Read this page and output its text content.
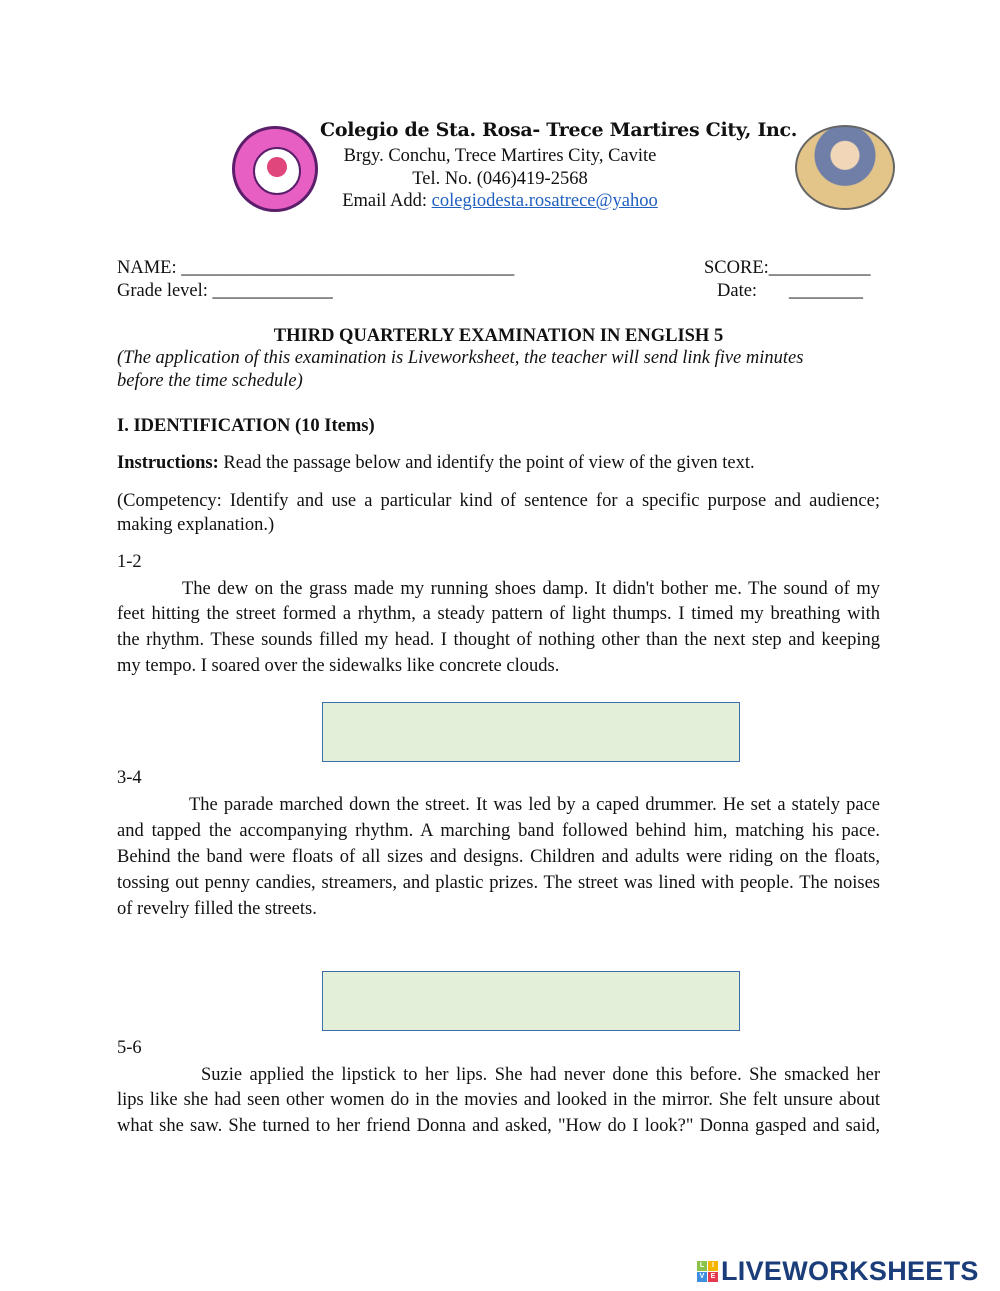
Colegio de Sta. Rosa- Trece Martires City, Inc.
Brgy. Conchu, Trece Martires City, Cavite
Tel. No. (046)419-2568
Email Add: colegiodesta.rosatrece@yahoo
NAME: ____________________________________	SCORE:___________
Grade level: _____________	Date: ________
THIRD QUARTERLY EXAMINATION IN ENGLISH 5
(The application of this examination is Liveworksheet, the teacher will send link five minutes
before the time schedule)
I. IDENTIFICATION (10 Items)
Instructions: Read the passage below and identify the point of view of the given text.
(Competency: Identify and use a particular kind of sentence for a specific purpose and audience;
making explanation.)
1-2
The dew on the grass made my running shoes damp. It didn't bother me. The sound of my
feet hitting the street formed a rhythm, a steady pattern of light thumps. I timed my breathing with
the rhythm. These sounds filled my head. I thought of nothing other than the next step and keeping
my tempo. I soared over the sidewalks like concrete clouds.
3-4
The parade marched down the street. It was led by a caped drummer. He set a stately pace
and tapped the accompanying rhythm. A marching band followed behind him, matching his pace.
Behind the band were floats of all sizes and designs. Children and adults were riding on the floats,
tossing out penny candies, streamers, and plastic prizes. The street was lined with people. The noises
of revelry filled the streets.
5-6
Suzie applied the lipstick to her lips. She had never done this before. She smacked her
lips like she had seen other women do in the movies and looked in the mirror. She felt unsure about
what she saw. She turned to her friend Donna and asked, "How do I look?" Donna gasped and said,
L	I
V E LIVEWORKSHEETS
